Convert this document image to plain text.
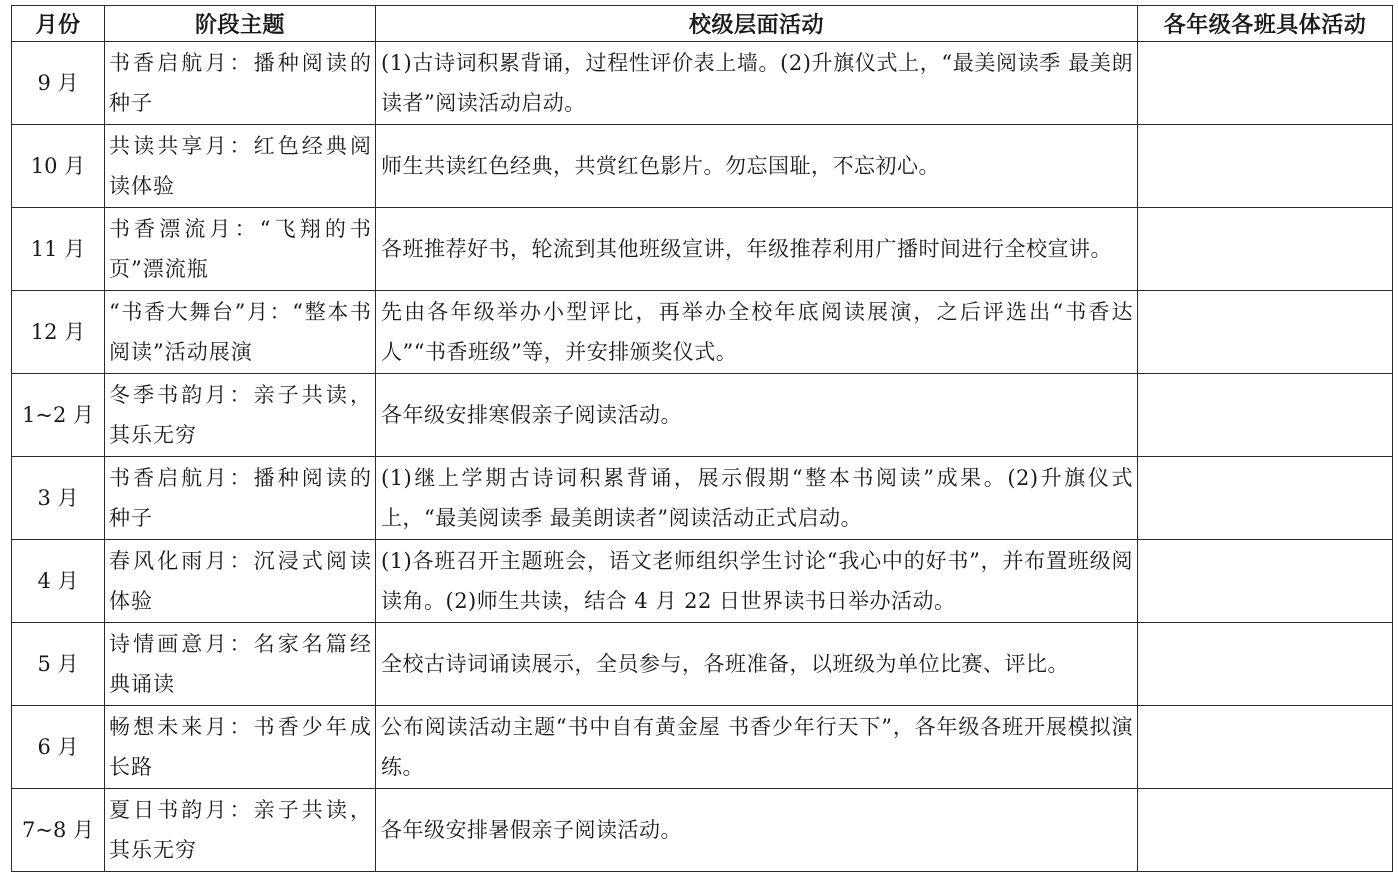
月份	阶段主题	校级层面活动	各年级各班具体活动
9 月	书香启航月：播种阅读的种子	(1)古诗词积累背诵，过程性评价表上墙。(2)升旗仪式上，“最美阅读季 最美朗读者”阅读活动启动。	
10 月	共读共享月：红色经典阅读体验	师生共读红色经典，共赏红色影片。勿忘国耻，不忘初心。	
11 月	书香漂流月：“飞翔的书页”漂流瓶	各班推荐好书，轮流到其他班级宣讲，年级推荐利用广播时间进行全校宣讲。	
12 月	“书香大舞台”月：“整本书阅读”活动展演	先由各年级举办小型评比，再举办全校年底阅读展演，之后评选出“书香达人”“书香班级”等，并安排颁奖仪式。	
1~2 月	冬季书韵月：亲子共读，其乐无穷	各年级安排寒假亲子阅读活动。	
3 月	书香启航月：播种阅读的种子	(1)继上学期古诗词积累背诵，展示假期“整本书阅读”成果。(2)升旗仪式上，“最美阅读季 最美朗读者”阅读活动正式启动。	
4 月	春风化雨月：沉浸式阅读体验	(1)各班召开主题班会，语文老师组织学生讨论“我心中的好书”，并布置班级阅读角。(2)师生共读，结合 4 月 22 日世界读书日举办活动。	
5 月	诗情画意月：名家名篇经典诵读	全校古诗词诵读展示，全员参与，各班准备，以班级为单位比赛、评比。	
6 月	畅想未来月：书香少年成长路	公布阅读活动主题“书中自有黄金屋 书香少年行天下”，各年级各班开展模拟演练。	
7~8 月	夏日书韵月：亲子共读，其乐无穷	各年级安排暑假亲子阅读活动。	
